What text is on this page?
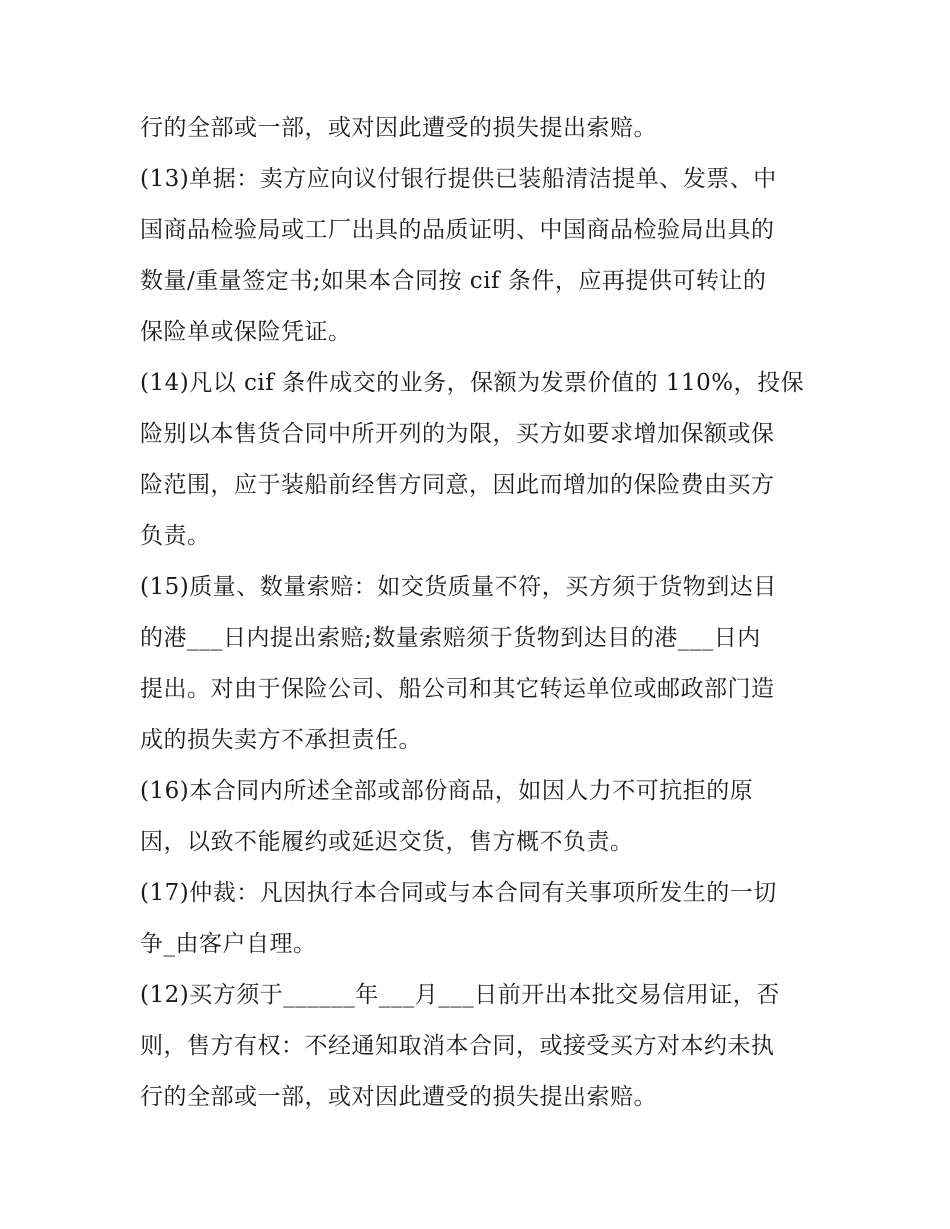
行的全部或一部，或对因此遭受的损失提出索赔。
(13)单据：卖方应向议付银行提供已装船清洁提单、发票、中
国商品检验局或工厂出具的品质证明、中国商品检验局出具的
数量/重量签定书;如果本合同按 cif 条件，应再提供可转让的
保险单或保险凭证。
(14)凡以 cif 条件成交的业务，保额为发票价值的 110%，投保
险别以本售货合同中所开列的为限，买方如要求增加保额或保
险范围，应于装船前经售方同意，因此而增加的保险费由买方
负责。
(15)质量、数量索赔：如交货质量不符，买方须于货物到达目
的港___日内提出索赔;数量索赔须于货物到达目的港___日内
提出。对由于保险公司、船公司和其它转运单位或邮政部门造
成的损失卖方不承担责任。
(16)本合同内所述全部或部份商品，如因人力不可抗拒的原
因，以致不能履约或延迟交货，售方概不负责。
(17)仲裁：凡因执行本合同或与本合同有关事项所发生的一切
争_由客户自理。
(12)买方须于______年___月___日前开出本批交易信用证，否
则，售方有权：不经通知取消本合同，或接受买方对本约未执
行的全部或一部，或对因此遭受的损失提出索赔。
